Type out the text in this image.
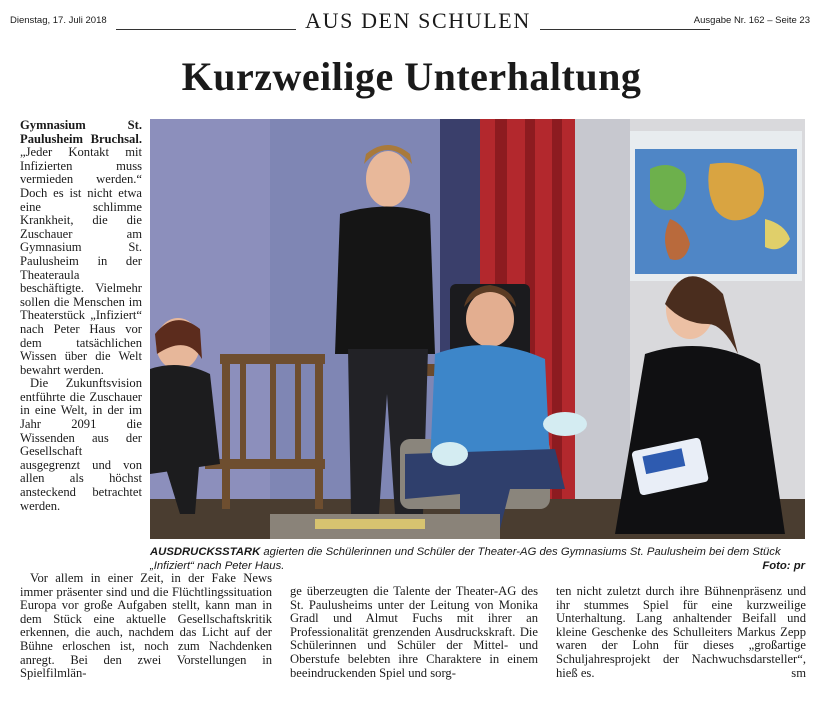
Dienstag, 17. Juli 2018	AUS DEN SCHULEN	Ausgabe Nr. 162 – Seite 23
Kurzweilige Unterhaltung

Gymnasium St. Paulusheim Bruchsal. „Jeder Kontakt mit Infizierten muss vermieden werden.“ Doch es ist nicht etwa eine schlimme Krankheit, die die Zuschauer am Gymnasium St. Paulusheim in der Theateraula beschäftigte. Vielmehr sollen die Menschen im Theaterstück „Infiziert“ nach Peter Haus vor dem tatsächlichen Wissen über die Welt bewahrt werden.

Die Zukunftsvision entführte die Zuschauer in eine Welt, in der im Jahr 2091 die Wissenden aus der Gesellschaft ausgegrenzt und von allen als höchst ansteckend betrachtet werden.

Vor allem in einer Zeit, in der Fake News immer präsenter sind und die Flüchtlingssituation Europa vor große Aufgaben stellt, kann man in dem Stück eine aktuelle Gesellschaftskritik erkennen, die auch, nachdem das Licht auf der Bühne erloschen ist, noch zum Nachdenken anregt. Bei den zwei Vorstellungen in Spielfilmlän-

AUSDRUCKSSTARK agierten die Schülerinnen und Schüler der Theater-AG des Gymnasiums St. Paulusheim bei dem Stück „Infiziert“ nach Peter Haus.	Foto: pr

ge überzeugten die Talente der Theater-AG des St. Paulusheims unter der Leitung von Monika Gradl und Almut Fuchs mit ihrer an Professionalität grenzenden Ausdruckskraft. Die Schülerinnen und Schüler der Mittel- und Oberstufe belebten ihre Charaktere in einem beeindruckenden Spiel und sorg-

ten nicht zuletzt durch ihre Bühnenpräsenz und ihr stummes Spiel für eine kurzweilige Unterhaltung. Lang anhaltender Beifall und kleine Geschenke des Schulleiters Markus Zepp waren der Lohn für dieses „großartige Schuljahresprojekt der Nachwuchsdarsteller“, hieß es.	sm
